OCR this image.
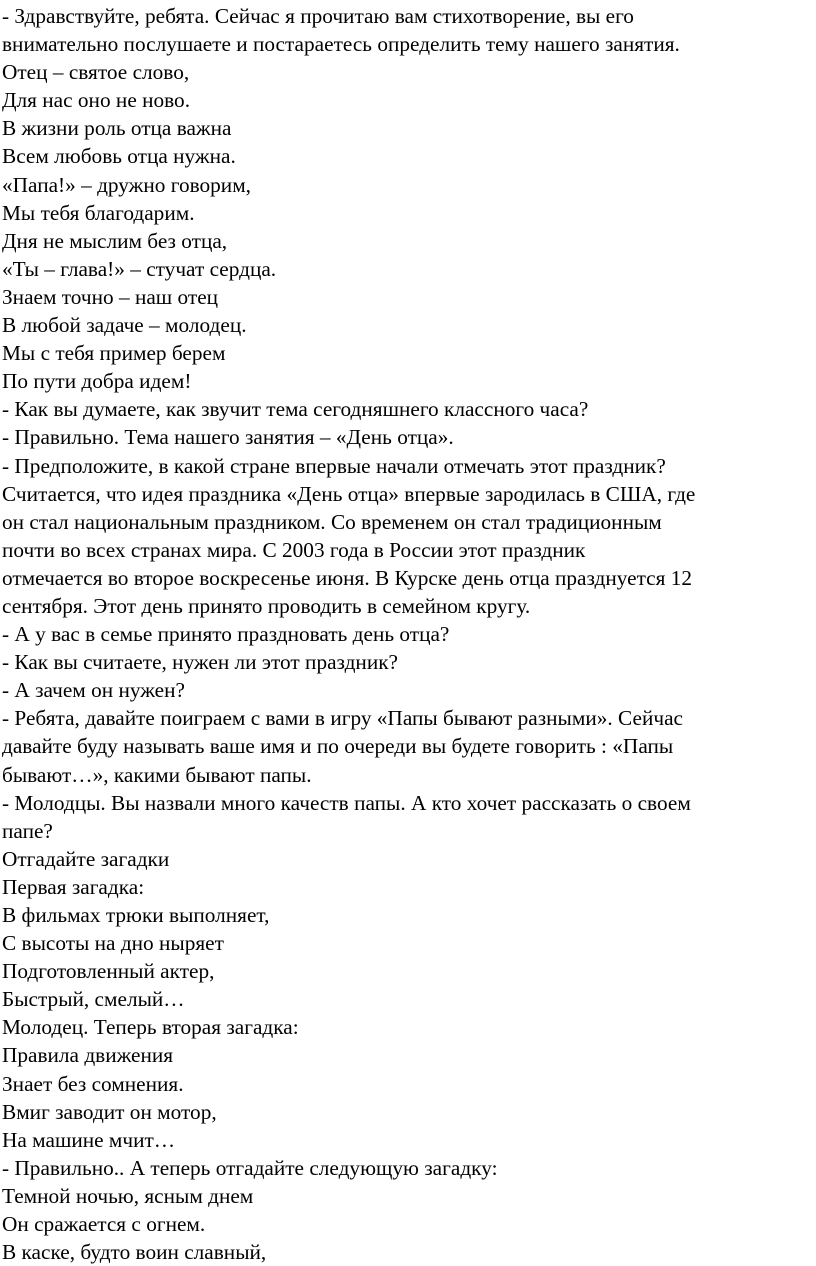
- Здравствуйте, ребята. Сейчас я прочитаю вам стихотворение, вы его
внимательно послушаете и постараетесь определить тему нашего занятия.
Отец – святое слово,
Для нас оно не ново.
В жизни роль отца важна
Всем любовь отца нужна.
«Папа!» – дружно говорим,
Мы тебя благодарим.
Дня не мыслим без отца,
«Ты – глава!» – стучат сердца.
Знаем точно – наш отец
В любой задаче – молодец.
Мы с тебя пример берем
По пути добра идем!
- Как вы думаете, как звучит тема сегодняшнего классного часа?
- Правильно. Тема нашего занятия – «День отца».
- Предположите, в какой стране впервые начали отмечать этот праздник?
Считается, что идея праздника «День отца» впервые зародилась в США, где
он стал национальным праздником. Со временем он стал традиционным
почти во всех странах мира. С 2003 года в России этот праздник
отмечается во второе воскресенье июня. В Курске день отца празднуется 12
сентября. Этот день принято проводить в семейном кругу.
- А у вас в семье принято праздновать день отца?
- Как вы считаете, нужен ли этот праздник?
- А зачем он нужен?
- Ребята, давайте поиграем с вами в игру «Папы бывают разными». Сейчас
давайте буду называть ваше имя и по очереди вы будете говорить : «Папы
бывают…», какими бывают папы.
- Молодцы. Вы назвали много качеств папы. А кто хочет рассказать о своем
папе?
Отгадайте загадки
Первая загадка:
В фильмах трюки выполняет,
С высоты на дно ныряет
Подготовленный актер,
Быстрый, смелый…
Молодец. Теперь вторая загадка:
Правила движения
Знает без сомнения.
Вмиг заводит он мотор,
На машине мчит…
- Правильно.. А теперь отгадайте следующую загадку:
Темной ночью, ясным днем
Он сражается с огнем.
В каске, будто воин славный,
